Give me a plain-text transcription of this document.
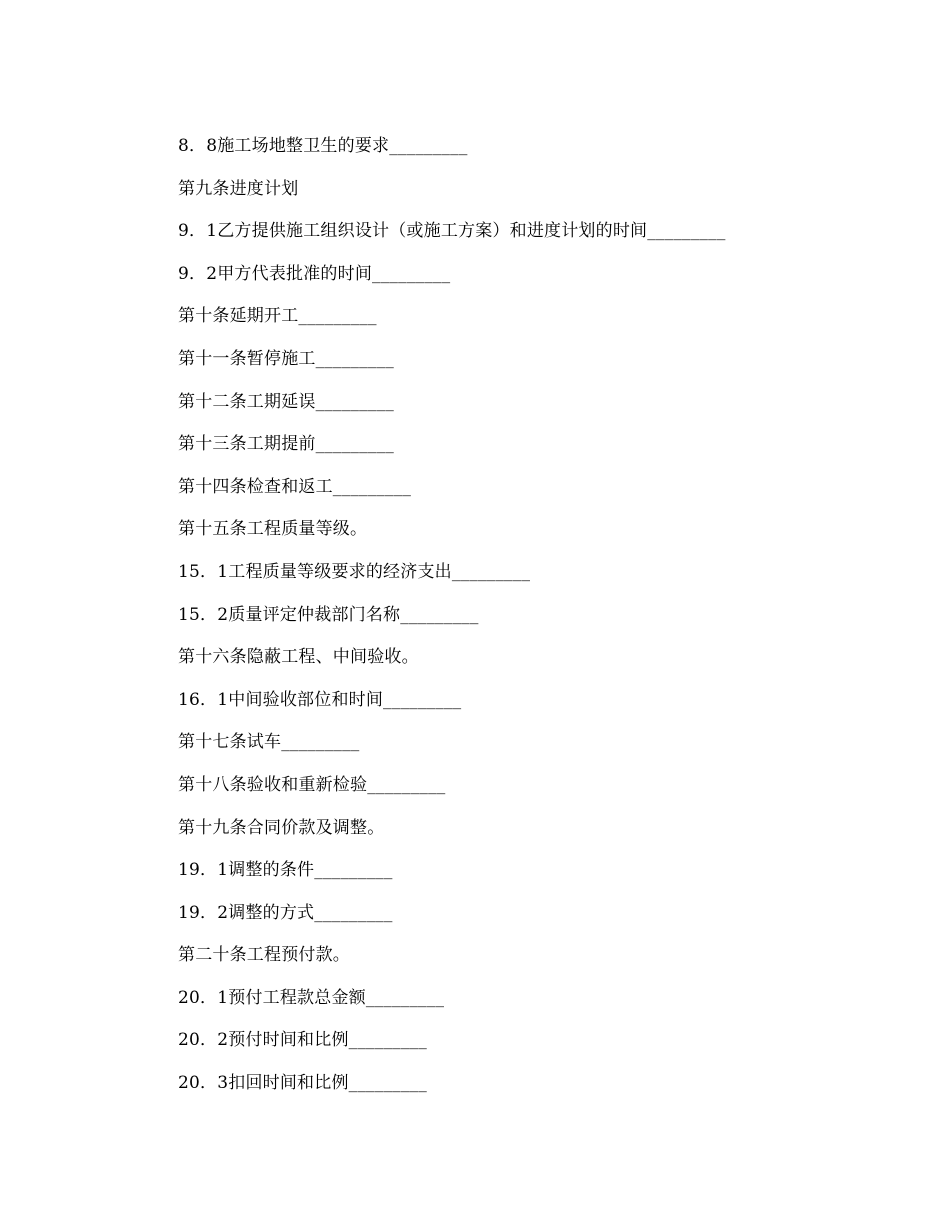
8．8施工场地整卫生的要求_________
第九条进度计划
9．1乙方提供施工组织设计（或施工方案）和进度计划的时间_________
9．2甲方代表批准的时间_________
第十条延期开工_________
第十一条暂停施工_________
第十二条工期延误_________
第十三条工期提前_________
第十四条检查和返工_________
第十五条工程质量等级。
15．1工程质量等级要求的经济支出_________
15．2质量评定仲裁部门名称_________
第十六条隐蔽工程、中间验收。
16．1中间验收部位和时间_________
第十七条试车_________
第十八条验收和重新检验_________
第十九条合同价款及调整。
19．1调整的条件_________
19．2调整的方式_________
第二十条工程预付款。
20．1预付工程款总金额_________
20．2预付时间和比例_________
20．3扣回时间和比例_________
